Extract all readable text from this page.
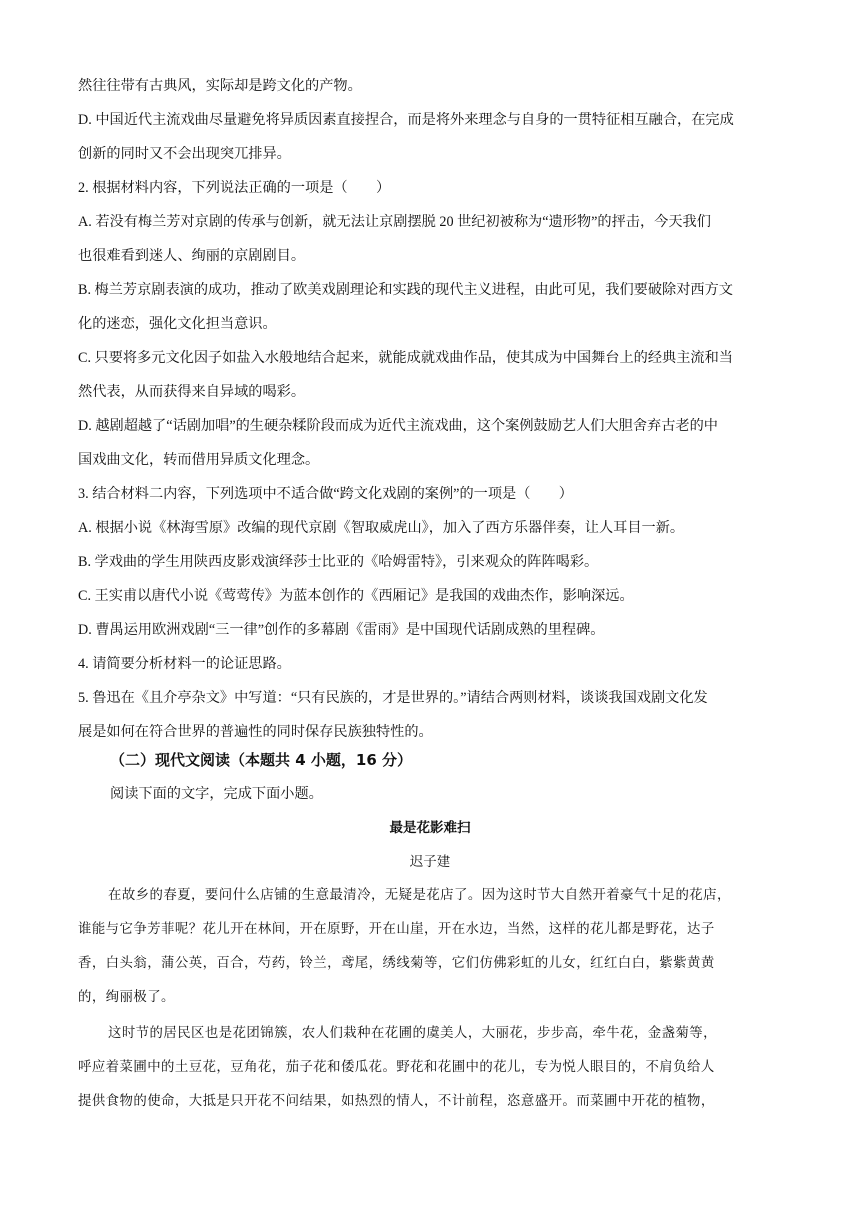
然往往带有古典风，实际却是跨文化的产物。
D. 中国近代主流戏曲尽量避免将异质因素直接捏合，而是将外来理念与自身的一贯特征相互融合，在完成
创新的同时又不会出现突兀排异。
2. 根据材料内容，下列说法正确的一项是（　　）
A. 若没有梅兰芳对京剧的传承与创新，就无法让京剧摆脱 20 世纪初被称为“遗形物”的抨击，今天我们
也很难看到迷人、绚丽的京剧剧目。
B. 梅兰芳京剧表演的成功，推动了欧美戏剧理论和实践的现代主义进程，由此可见，我们要破除对西方文
化的迷恋，强化文化担当意识。
C. 只要将多元文化因子如盐入水般地结合起来，就能成就戏曲作品，使其成为中国舞台上的经典主流和当
然代表，从而获得来自异域的喝彩。
D. 越剧超越了“话剧加唱”的生硬杂糅阶段而成为近代主流戏曲，这个案例鼓励艺人们大胆舍弃古老的中
国戏曲文化，转而借用异质文化理念。
3. 结合材料二内容，下列选项中不适合做“跨文化戏剧的案例”的一项是（　　）
A. 根据小说《林海雪原》改编的现代京剧《智取威虎山》，加入了西方乐器伴奏，让人耳目一新。
B. 学戏曲的学生用陕西皮影戏演绎莎士比亚的《哈姆雷特》，引来观众的阵阵喝彩。
C. 王实甫以唐代小说《莺莺传》为蓝本创作的《西厢记》是我国的戏曲杰作，影响深远。
D. 曹禺运用欧洲戏剧“三一律”创作的多幕剧《雷雨》是中国现代话剧成熟的里程碑。
4. 请简要分析材料一的论证思路。
5. 鲁迅在《且介亭杂文》中写道：“只有民族的，才是世界的。”请结合两则材料，谈谈我国戏剧文化发
展是如何在符合世界的普遍性的同时保存民族独特性的。
（二）现代文阅读（本题共 4 小题，16 分）
阅读下面的文字，完成下面小题。
最是花影难扫
迟子建
在故乡的春夏，要问什么店铺的生意最清冷，无疑是花店了。因为这时节大自然开着豪气十足的花店，
谁能与它争芳菲呢？花儿开在林间，开在原野，开在山崖，开在水边，当然，这样的花儿都是野花，达子
香，白头翁，蒲公英，百合，芍药，铃兰，鸢尾，绣线菊等，它们仿佛彩虹的儿女，红红白白，紫紫黄黄
的，绚丽极了。
这时节的居民区也是花团锦簇，农人们栽种在花圃的虞美人，大丽花，步步高，牵牛花，金盏菊等，
呼应着菜圃中的土豆花，豆角花，茄子花和倭瓜花。野花和花圃中的花儿，专为悦人眼目的，不肩负给人
提供食物的使命，大抵是只开花不问结果，如热烈的情人，不计前程，恣意盛开。而菜圃中开花的植物，
